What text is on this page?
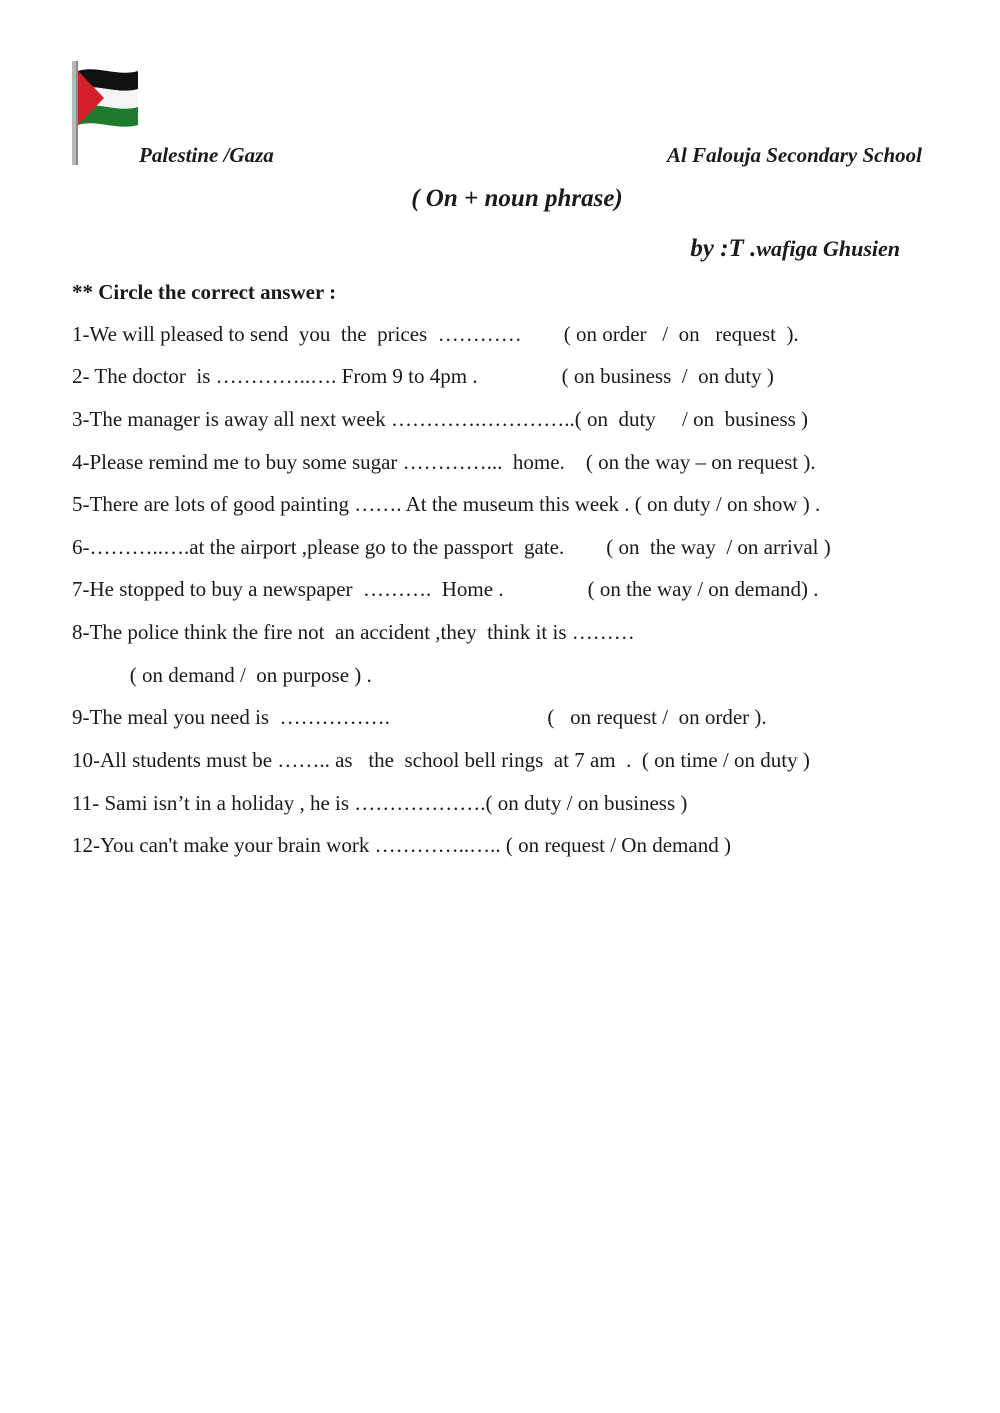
Palestine /Gaza	Al Falouja Secondary School
( On + noun phrase)
by :T .wafiga Ghusien
** Circle the correct answer :
1-We will pleased to send  you  the  prices  …………        ( on order   /  on   request  ).
2- The doctor  is …………..…. From 9 to 4pm .                ( on business  /  on duty )
3-The manager is away all next week ………….…………..( on  duty     / on  business )
4-Please remind me to buy some sugar …………...  home.    ( on the way – on request ).
5-There are lots of good painting ……. At the museum this week . ( on duty / on show ) .
6-………..….at the airport ,please go to the passport  gate.        ( on  the way  / on arrival )
7-He stopped to buy a newspaper  ……….  Home .                ( on the way / on demand) .
8-The police think the fire not  an accident ,they  think it is ………
( on demand /  on purpose ) .
9-The meal you need is  …………….                              (   on request /  on order ).
10-All students must be …….. as   the  school bell rings  at 7 am  .  ( on time / on duty )
11- Sami isn’t in a holiday , he is ……………….( on duty / on business )
12-You can't make your brain work …………..….. ( on request / On demand )
